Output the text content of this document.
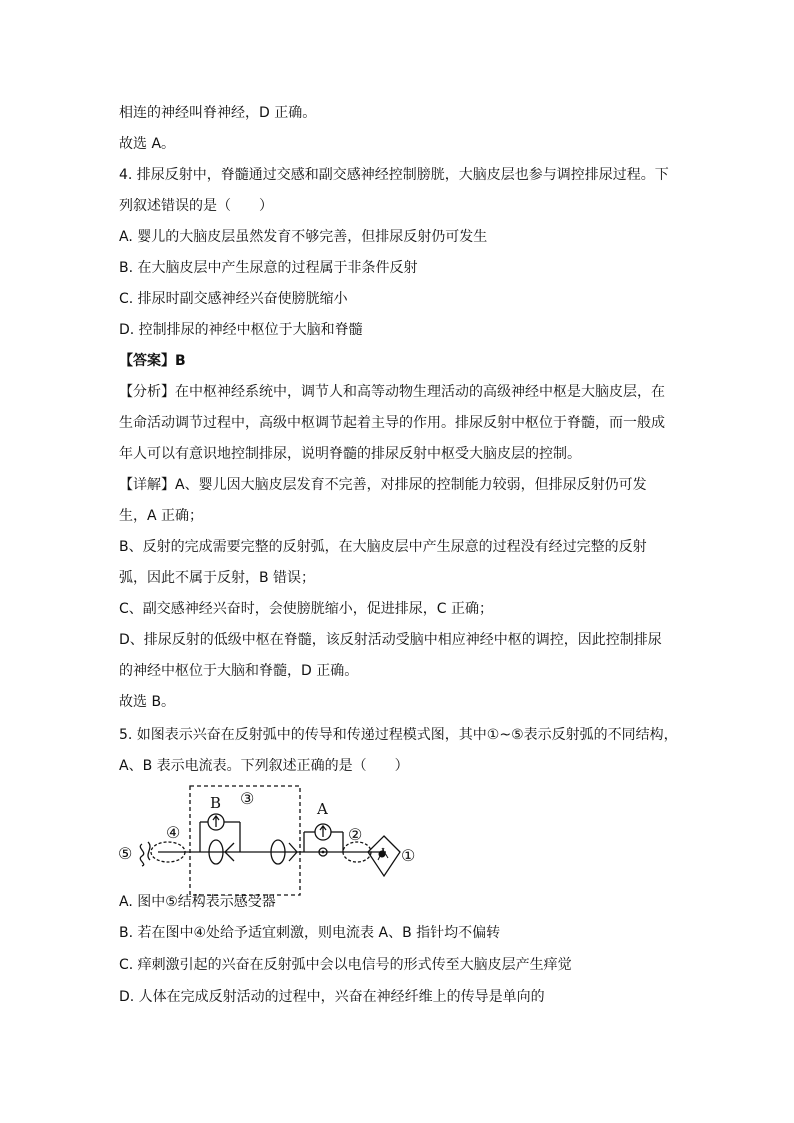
相连的神经叫脊神经，D 正确。
故选 A。
4. 排尿反射中，脊髓通过交感和副交感神经控制膀胱，大脑皮层也参与调控排尿过程。下
列叙述错误的是（　　）
A. 婴儿的大脑皮层虽然发育不够完善，但排尿反射仍可发生
B. 在大脑皮层中产生尿意的过程属于非条件反射
C. 排尿时副交感神经兴奋使膀胱缩小
D. 控制排尿的神经中枢位于大脑和脊髓
【答案】B
【分析】在中枢神经系统中，调节人和高等动物生理活动的高级神经中枢是大脑皮层，在
生命活动调节过程中，高级中枢调节起着主导的作用。排尿反射中枢位于脊髓，而一般成
年人可以有意识地控制排尿，说明脊髓的排尿反射中枢受大脑皮层的控制。
【详解】A、婴儿因大脑皮层发育不完善，对排尿的控制能力较弱，但排尿反射仍可发
生，A 正确；
B、反射的完成需要完整的反射弧，在大脑皮层中产生尿意的过程没有经过完整的反射
弧，因此不属于反射，B 错误；
C、副交感神经兴奋时，会使膀胱缩小，促进排尿，C 正确；
D、排尿反射的低级中枢在脊髓，该反射活动受脑中相应神经中枢的调控，因此控制排尿
的神经中枢位于大脑和脊髓，D 正确。
故选 B。
5. 如图表示兴奋在反射弧中的传导和传递过程模式图，其中①~⑤表示反射弧的不同结构，
A、B 表示电流表。下列叙述正确的是（　　）
B ③
A
④	②
⑤	①
A. 图中⑤结构表示感受器
B. 若在图中④处给予适宜刺激，则电流表 A、B 指针均不偏转
C. 痒刺激引起的兴奋在反射弧中会以电信号的形式传至大脑皮层产生痒觉
D. 人体在完成反射活动的过程中，兴奋在神经纤维上的传导是单向的
